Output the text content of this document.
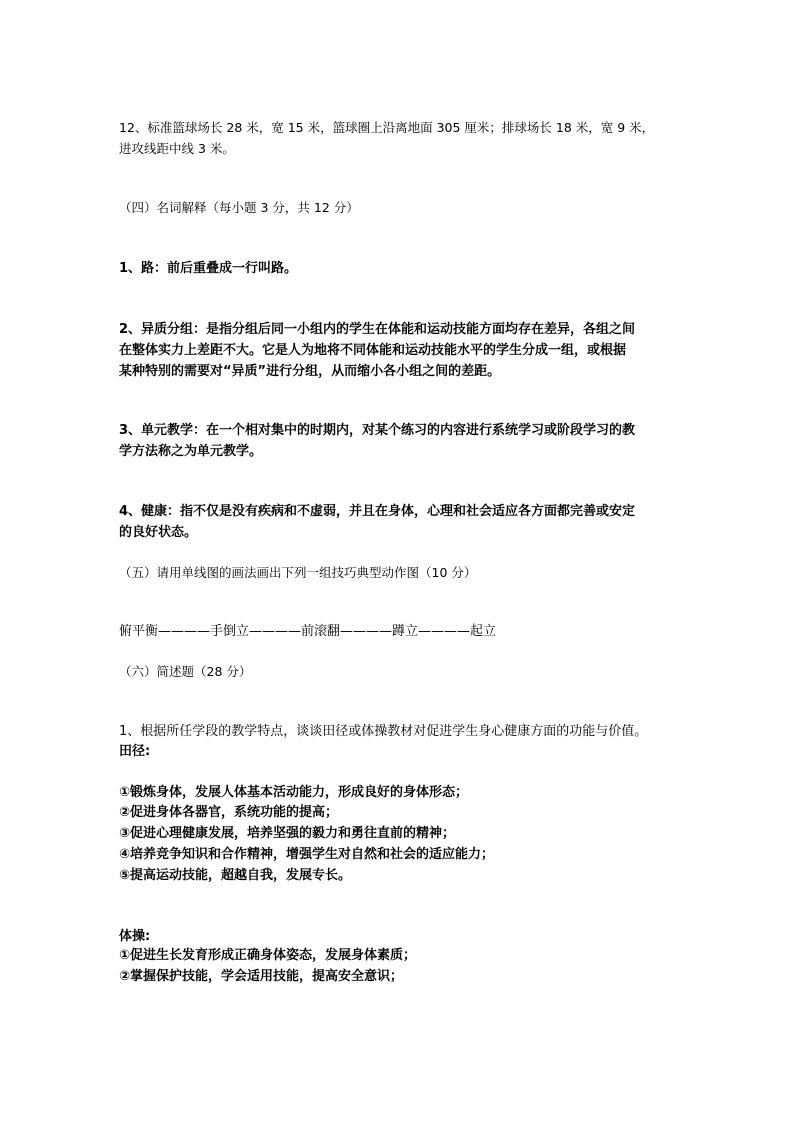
12、标准篮球场长 28 米，宽 15 米，篮球圈上沿离地面 305 厘米；排球场长 18 米，宽 9 米，
进攻线距中线 3 米。
（四）名词解释（每小题 3 分，共 12 分）
1、路：前后重叠成一行叫路。
2、异质分组：是指分组后同一小组内的学生在体能和运动技能方面均存在差异，各组之间
在整体实力上差距不大。它是人为地将不同体能和运动技能水平的学生分成一组，或根据
某种特别的需要对“异质”进行分组，从而缩小各小组之间的差距。
3、单元教学：在一个相对集中的时期内，对某个练习的内容进行系统学习或阶段学习的教
学方法称之为单元教学。
4、健康：指不仅是没有疾病和不虚弱，并且在身体，心理和社会适应各方面都完善或安定
的良好状态。
（五）请用单线图的画法画出下列一组技巧典型动作图（10 分）
俯平衡————手倒立————前滚翻————蹲立————起立
（六）简述题（28 分）
1、根据所任学段的教学特点，谈谈田径或体操教材对促进学生身心健康方面的功能与价值。
田径:
①锻炼身体，发展人体基本活动能力，形成良好的身体形态；
②促进身体各器官，系统功能的提高；
③促进心理健康发展，培养坚强的毅力和勇往直前的精神；
④培养竞争知识和合作精神，增强学生对自然和社会的适应能力；
⑤提高运动技能，超越自我，发展专长。
体操:
①促进生长发育形成正确身体姿态，发展身体素质；
②掌握保护技能，学会适用技能，提高安全意识；
